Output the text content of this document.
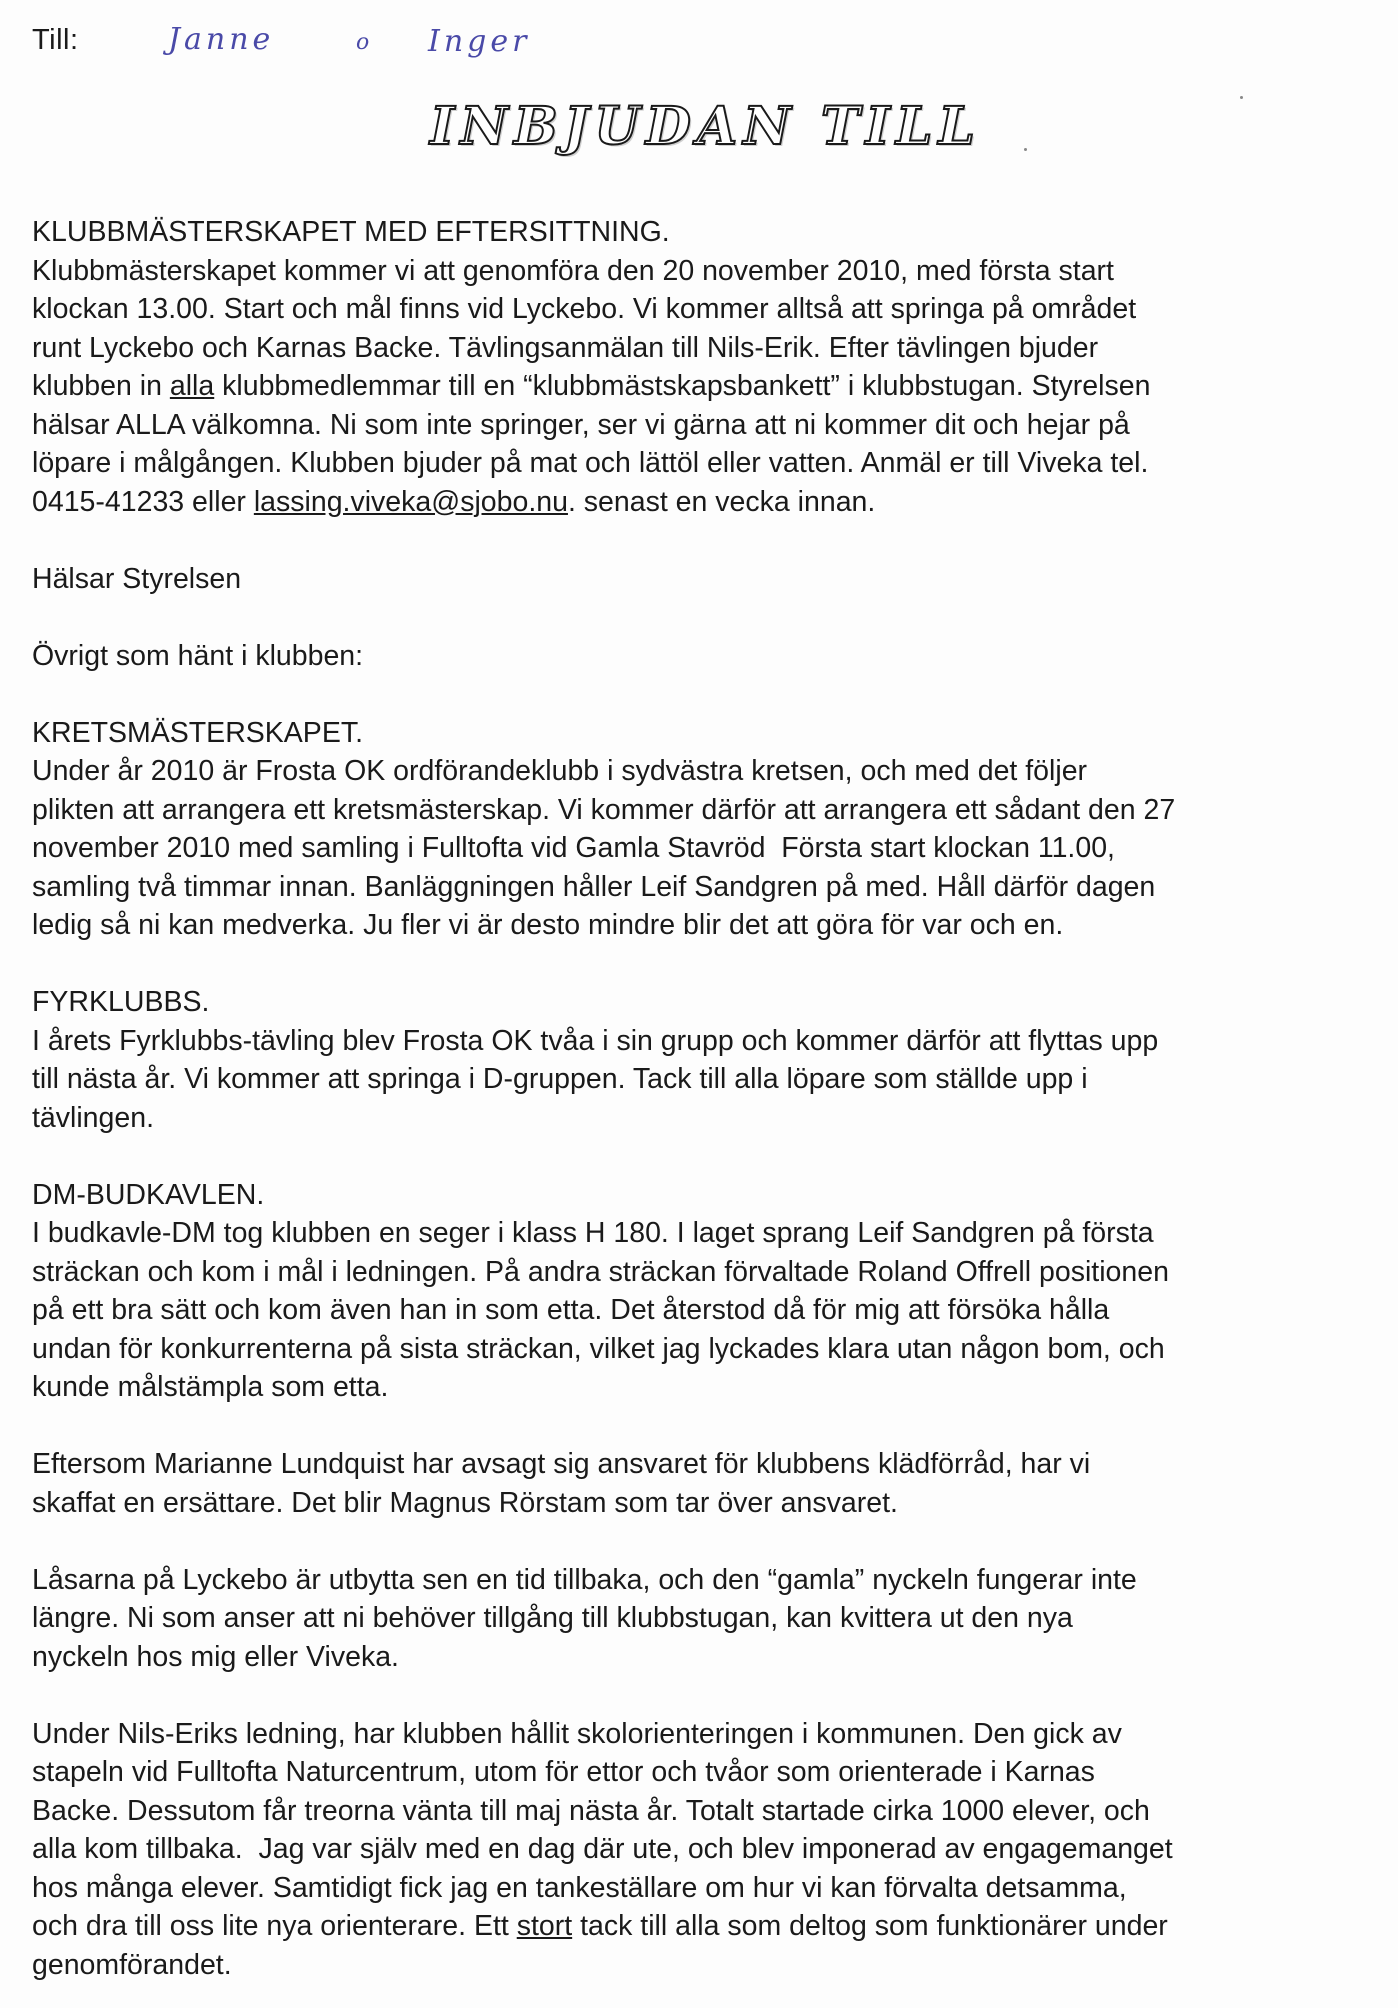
Till:	Janne	o Inger
INBJUDAN TILL
KLUBBMÄSTERSKAPET MED EFTERSITTNING.
Klubbmästerskapet kommer vi att genomföra den 20 november 2010, med första start
klockan 13.00. Start och mål finns vid Lyckebo. Vi kommer alltså att springa på området
runt Lyckebo och Karnas Backe. Tävlingsanmälan till Nils-Erik. Efter tävlingen bjuder
klubben in alla klubbmedlemmar till en “klubbmästskapsbankett” i klubbstugan. Styrelsen
hälsar ALLA välkomna. Ni som inte springer, ser vi gärna att ni kommer dit och hejar på
löpare i målgången. Klubben bjuder på mat och lättöl eller vatten. Anmäl er till Viveka tel.
0415-41233 eller lassing.viveka@sjobo.nu. senast en vecka innan.
Hälsar Styrelsen
Övrigt som hänt i klubben:
KRETSMÄSTERSKAPET.
Under år 2010 är Frosta OK ordförandeklubb i sydvästra kretsen, och med det följer
plikten att arrangera ett kretsmästerskap. Vi kommer därför att arrangera ett sådant den 27
november 2010 med samling i Fulltofta vid Gamla Stavröd  Första start klockan 11.00,
samling två timmar innan. Banläggningen håller Leif Sandgren på med. Håll därför dagen
ledig så ni kan medverka. Ju fler vi är desto mindre blir det att göra för var och en.
FYRKLUBBS.
I årets Fyrklubbs-tävling blev Frosta OK tvåa i sin grupp och kommer därför att flyttas upp
till nästa år. Vi kommer att springa i D-gruppen. Tack till alla löpare som ställde upp i
tävlingen.
DM-BUDKAVLEN.
I budkavle-DM tog klubben en seger i klass H 180. I laget sprang Leif Sandgren på första
sträckan och kom i mål i ledningen. På andra sträckan förvaltade Roland Offrell positionen
på ett bra sätt och kom även han in som etta. Det återstod då för mig att försöka hålla
undan för konkurrenterna på sista sträckan, vilket jag lyckades klara utan någon bom, och
kunde målstämpla som etta.
Eftersom Marianne Lundquist har avsagt sig ansvaret för klubbens klädförråd, har vi
skaffat en ersättare. Det blir Magnus Rörstam som tar över ansvaret.
Låsarna på Lyckebo är utbytta sen en tid tillbaka, och den “gamla” nyckeln fungerar inte
längre. Ni som anser att ni behöver tillgång till klubbstugan, kan kvittera ut den nya
nyckeln hos mig eller Viveka.
Under Nils-Eriks ledning, har klubben hållit skolorienteringen i kommunen. Den gick av
stapeln vid Fulltofta Naturcentrum, utom för ettor och tvåor som orienterade i Karnas
Backe. Dessutom får treorna vänta till maj nästa år. Totalt startade cirka 1000 elever, och
alla kom tillbaka.  Jag var själv med en dag där ute, och blev imponerad av engagemanget
hos många elever. Samtidigt fick jag en tankeställare om hur vi kan förvalta detsamma,
och dra till oss lite nya orienterare. Ett stort tack till alla som deltog som funktionärer under
genomförandet.
